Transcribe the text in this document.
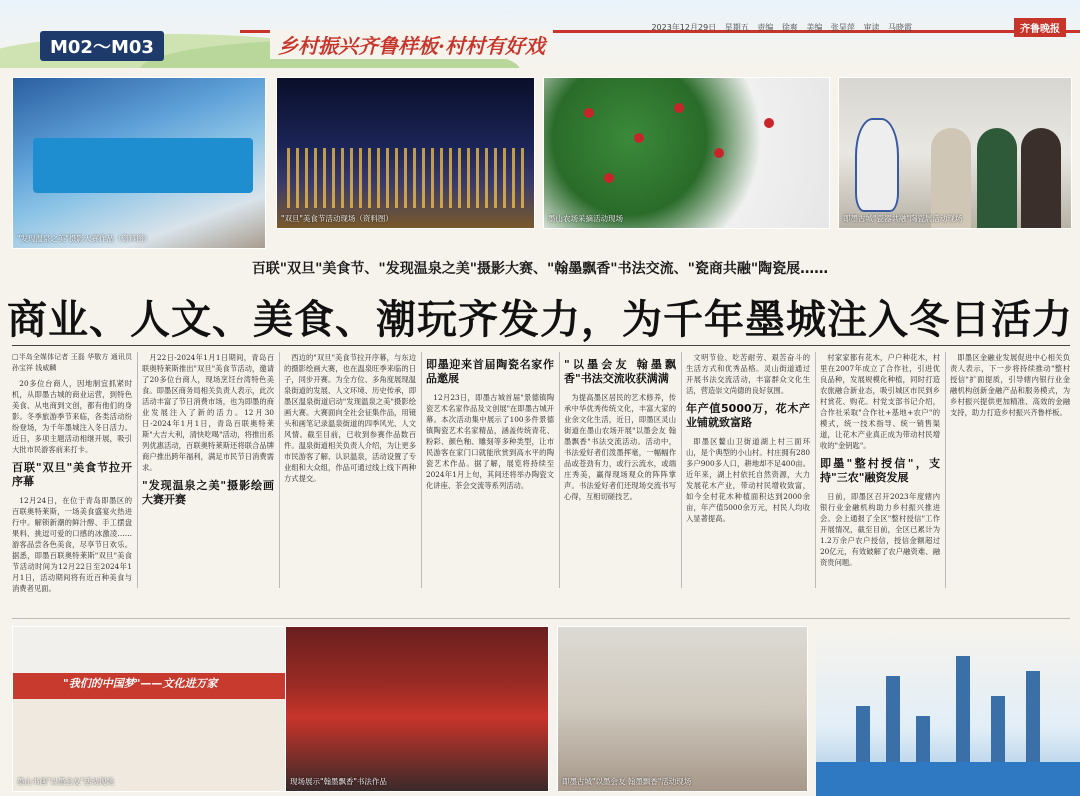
M02～M03	乡村振兴齐鲁样板·村村有好戏
2023年12月29日 星期五 责编 徐爽 美编 张昊萍 审读 马晓霞	齐鲁晚报
"发现温泉之美"摄影大赛作品（资料图）
"双旦"美食节活动现场（资料图）	墨山农场采摘活动现场	即墨古城"瓷器共融"陶瓷展活动现场
百联"双旦"美食节、"发现温泉之美"摄影大赛、"翰墨飘香"书法交流、"瓷商共融"陶瓷展……
商业、人文、美食、潮玩齐发力，为千年墨城注入冬日活力
□半岛全媒体记者 王磊 华敬方 通讯员 孙宝祥 钱威麟

20多位台商人，因地制宜抓紧时机，从即墨古城的商业运营，到特色美食、从电商到文创，都有他们的身影。冬季旅游季节来临，各类活动纷纷登场，为千年墨城注入冬日活力。近日，多项主题活动相继开展，吸引大批市民游客前来打卡。

百联"双旦"美食节拉开序幕

12月24日，在位于青岛即墨区的百联奥特莱斯，一场美食盛宴火热进行中。解锁新潮的鲜汁醇、手工摆盘果料、挑逗可爱的口感的冰激凌……游客品尝各色美食，尽享节日欢乐。据悉，即墨百联奥特莱斯"双旦"美食节活动时间为12月22日至2024年1月1日，活动期间将有近百种美食与消费者见面。

月22日-2024年1月1日期间，青岛百联奥特莱斯推出"双旦"美食节活动，邀请了20多位台商人，现场烹饪台湾特色美食。即墨区商务局相关负责人表示，此次活动丰富了节日消费市场，也为即墨的商业发展注入了新的活力。12月30日-2024年1月1日，青岛百联奥特莱斯"大吉大利，清快吃喝"活动，将推出系列优惠活动，百联奥特莱斯还将联合品牌商户推出跨年福利，满足市民节日消费需求。

"发现温泉之美"摄影绘画大赛开赛

西边的"双旦"美食节拉开序幕，与东边的摄影绘画大赛，也在温泉旺季来临的日子，同步开赛。为全方位、多角度展现温泉街道的发展、人文环境、历史传承，即墨区温泉街道启动"发现温泉之美"摄影绘画大赛。大赛面向全社会征集作品，用镜头和画笔记录温泉街道的四季风光、人文风情。截至目前，已收到参赛作品数百件。温泉街道相关负责人介绍，为让更多市民游客了解、认识温泉，活动设置了专业组和大众组，作品可通过线上线下两种方式提交。

即墨迎来首届陶瓷名家作品邀展

12月23日，即墨古城首届"景德镇陶瓷艺术名家作品及文创展"在即墨古城开幕。本次活动集中展示了100多件景德镇陶瓷艺术名家精品，涵盖传统青花、粉彩、颜色釉、雕刻等多种类型，让市民游客在家门口就能欣赏到高水平的陶瓷艺术作品。据了解，展览将持续至2024年1月上旬，其间还将举办陶瓷文化讲座、茶会交流等系列活动。

"以墨会友 翰墨飘香"书法交流收获满满

为提高墨区居民的艺术修养，传承中华优秀传统文化，丰富大家的业余文化生活，近日，即墨区灵山街道在墨山农场开展"以墨会友 翰墨飘香"书法交流活动。活动中，书法爱好者们泼墨挥毫，一幅幅作品或苍劲有力，或行云流水，或端庄秀美，赢得现场观众的阵阵掌声。书法爱好者们还现场交流书写心得，互相切磋技艺。

文明节俭、吃苦耐劳、艰苦奋斗的生活方式和优秀品格。灵山街道通过开展书法交流活动，丰富群众文化生活，营造崇文尚德的良好氛围。

年产值5000万，花木产业铺就致富路

即墨区鳌山卫街道湖上村三面环山，是个典型的小山村。村庄拥有280多户900多人口，耕地却不足400亩。近年来，湖上村依托自然资源，大力发展花木产业，带动村民增收致富，如今全村花木种植面积达到2000余亩，年产值5000余万元，村民人均收入显著提高。

村家家都有花木，户户种花木，村里在2007年成立了合作社，引进优良品种，发展规模化种植，同时打造农旅融合新业态，吸引城区市民到乡村赏花、购花。村党支部书记介绍，合作社采取"合作社+基地+农户"的模式，统一技术指导、统一销售渠道，让花木产业真正成为带动村民增收的"金钥匙"。

即墨"整村授信"，支持"三农"融资发展

日前，即墨区召开2023年度辖内银行业金融机构助力乡村振兴推进会。会上通报了全区"整村授信"工作开展情况，截至目前，全区已累计为1.2万余户农户授信，授信金额超过20亿元，有效破解了农户融资难、融资贵问题。

即墨区金融业发展促进中心相关负责人表示，下一步将持续推动"整村授信"扩面提质，引导辖内银行业金融机构创新金融产品和服务模式，为乡村振兴提供更加精准、高效的金融支持，助力打造乡村振兴齐鲁样板。

"我们的中国梦"——文化进万家
墨山书画"以墨会友"活动现场	现场展示"翰墨飘香"书法作品	即墨古城"以墨会友 翰墨飘香"活动现场
